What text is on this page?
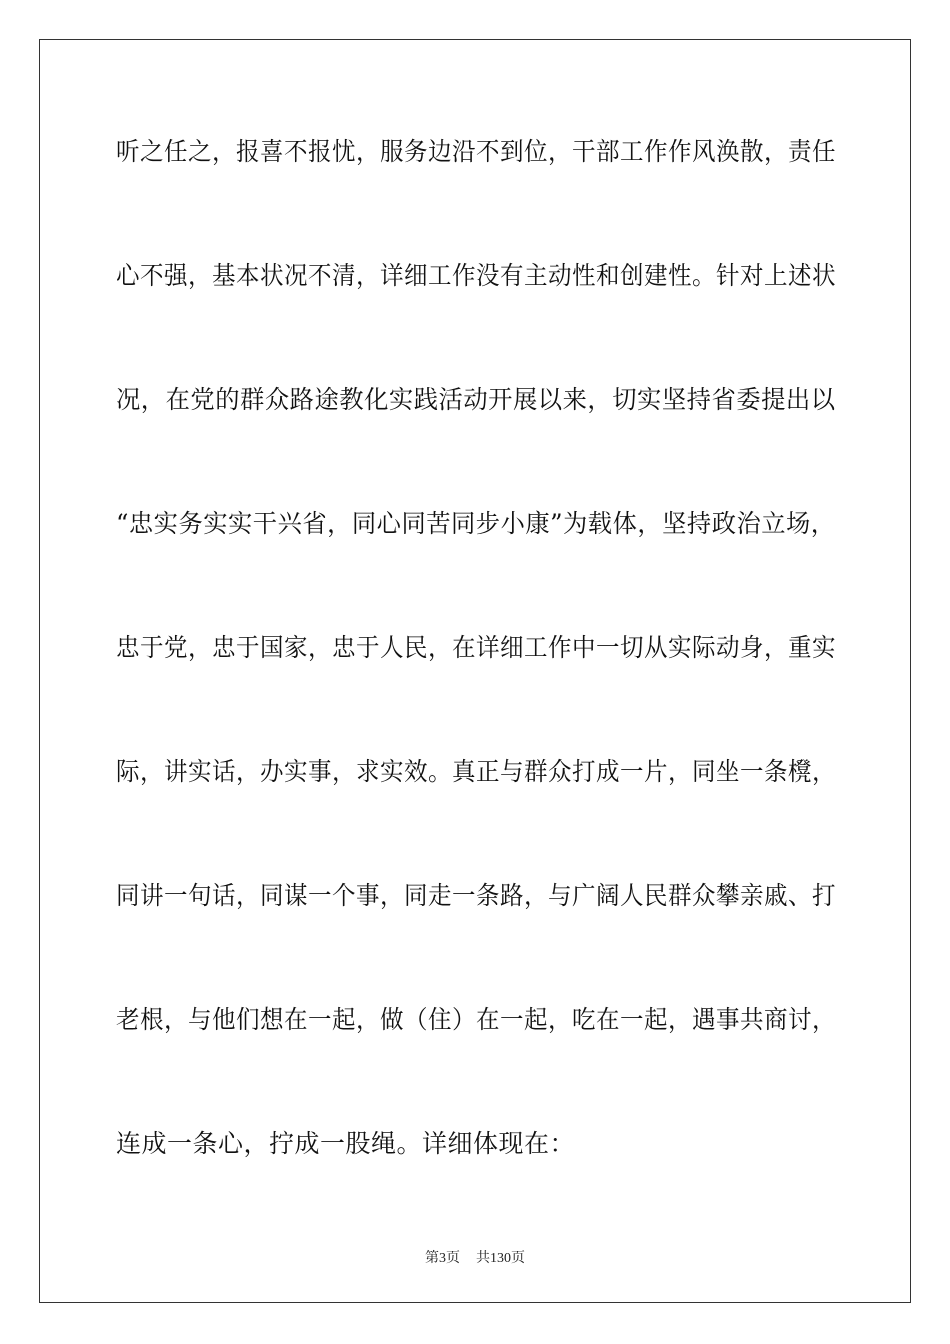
听之任之，报喜不报忧，服务边沿不到位，干部工作作风涣散，责任
心不强，基本状况不清，详细工作没有主动性和创建性。针对上述状
况，在党的群众路途教化实践活动开展以来，切实坚持省委提出以
“忠实务实实干兴省，同心同苦同步小康”为载体，坚持政治立场，
忠于党，忠于国家，忠于人民，在详细工作中一切从实际动身，重实
际，讲实话，办实事，求实效。真正与群众打成一片，同坐一条櫈，
同讲一句话，同谋一个事，同走一条路，与广阔人民群众攀亲戚、打
老根，与他们想在一起，做（住）在一起，吃在一起，遇事共商讨，
连成一条心，拧成一股绳。详细体现在：
第3页 共130页
